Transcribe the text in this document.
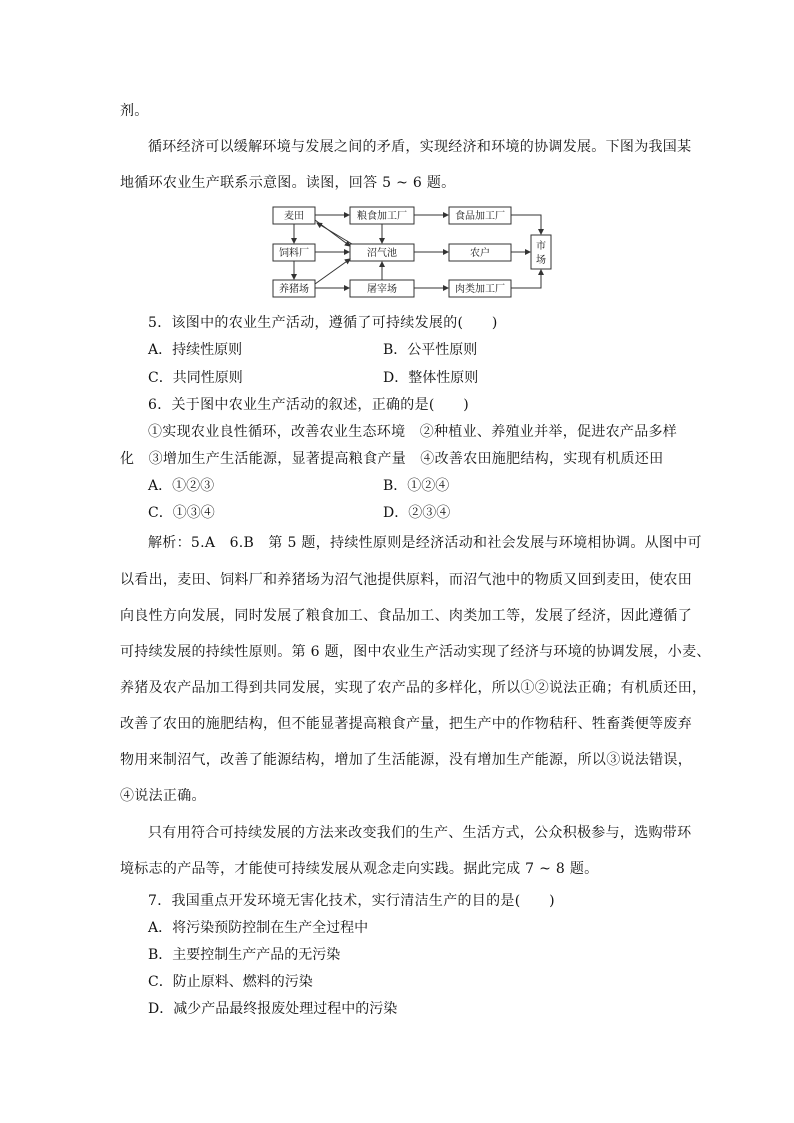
剂。
循环经济可以缓解环境与发展之间的矛盾，实现经济和环境的协调发展。下图为我国某
地循环农业生产联系示意图。读图，回答 5 ~ 6 题。
麦田	粮食加工厂	食品加工厂
饲料厂	沼气池	农户
养猪场	屠宰场	肉类加工厂
市
场
5．该图中的农业生产活动，遵循了可持续发展的(　　)
A．持续性原则	B．公平性原则
C．共同性原则	D．整体性原则
6．关于图中农业生产活动的叙述，正确的是(　　)
①实现农业良性循环，改善农业生态环境　②种植业、养殖业并举，促进农产品多样
化　③增加生产生活能源，显著提高粮食产量　④改善农田施肥结构，实现有机质还田
A．①②③	B．①②④
C．①③④	D．②③④
解析：5.A　6.B　第 5 题，持续性原则是经济活动和社会发展与环境相协调。从图中可
以看出，麦田、饲料厂和养猪场为沼气池提供原料，而沼气池中的物质又回到麦田，使农田
向良性方向发展，同时发展了粮食加工、食品加工、肉类加工等，发展了经济，因此遵循了
可持续发展的持续性原则。第 6 题，图中农业生产活动实现了经济与环境的协调发展，小麦、
养猪及农产品加工得到共同发展，实现了农产品的多样化，所以①②说法正确；有机质还田，
改善了农田的施肥结构，但不能显著提高粮食产量，把生产中的作物秸秆、牲畜粪便等废弃
物用来制沼气，改善了能源结构，增加了生活能源，没有增加生产能源，所以③说法错误，
④说法正确。
只有用符合可持续发展的方法来改变我们的生产、生活方式，公众积极参与，选购带环
境标志的产品等，才能使可持续发展从观念走向实践。据此完成 7 ~ 8 题。
7．我国重点开发环境无害化技术，实行清洁生产的目的是(　　)
A．将污染预防控制在生产全过程中
B．主要控制生产产品的无污染
C．防止原料、燃料的污染
D．减少产品最终报废处理过程中的污染
